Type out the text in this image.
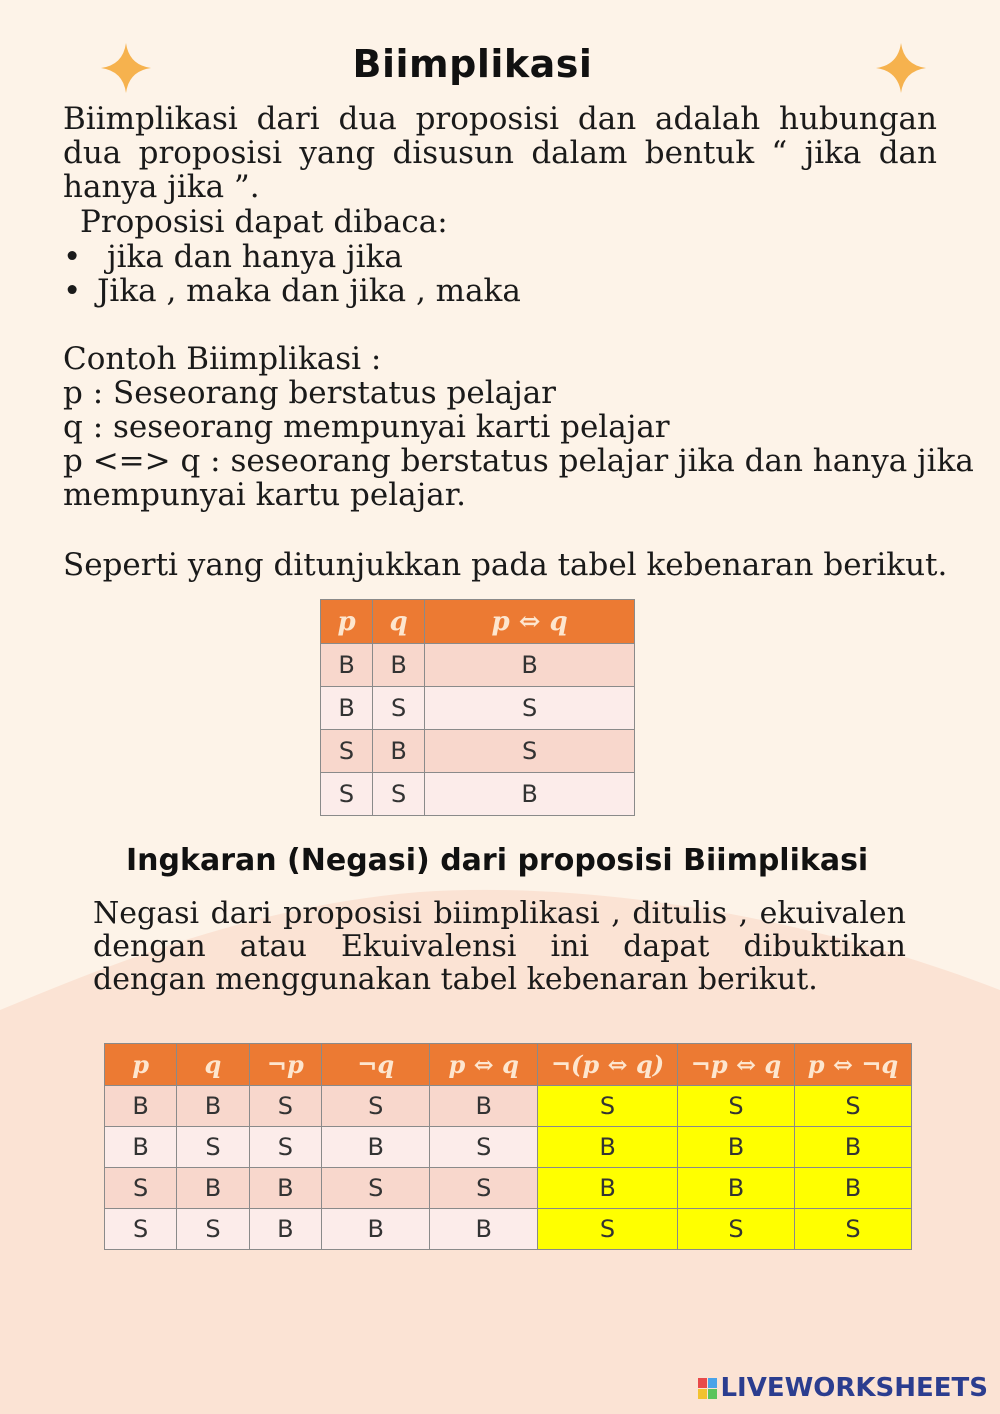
Biimplikasi
Biimplikasi dari dua proposisi dan adalah hubungan
dua proposisi yang disusun dalam bentuk “ jika dan
hanya jika ”.
Proposisi dapat dibaca:
• jika dan hanya jika
• Jika , maka dan jika , maka
Contoh Biimplikasi :
p : Seseorang berstatus pelajar
q : seseorang mempunyai karti pelajar
p <=> q : seseorang berstatus pelajar jika dan hanya jika
mempunyai kartu pelajar.
Seperti yang ditunjukkan pada tabel kebenaran berikut.
p	q	p ⇔ q
B	B	B
B	S	S
S	B	S
S	S	B
Ingkaran (Negasi) dari proposisi Biimplikasi
Negasi dari proposisi biimplikasi , ditulis , ekuivalen
dengan atau Ekuivalensi ini dapat dibuktikan
dengan menggunakan tabel kebenaran berikut.
p	q	¬p	¬q	p ⇔ q	¬(p ⇔ q)	¬p ⇔ q	p ⇔ ¬q
B	B	S	S	B	S	S	S
B	S	S	B	S	B	B	B
S	B	B	S	S	B	B	B
S	S	B	B	B	S	S	S
LIVEWORKSHEETS
